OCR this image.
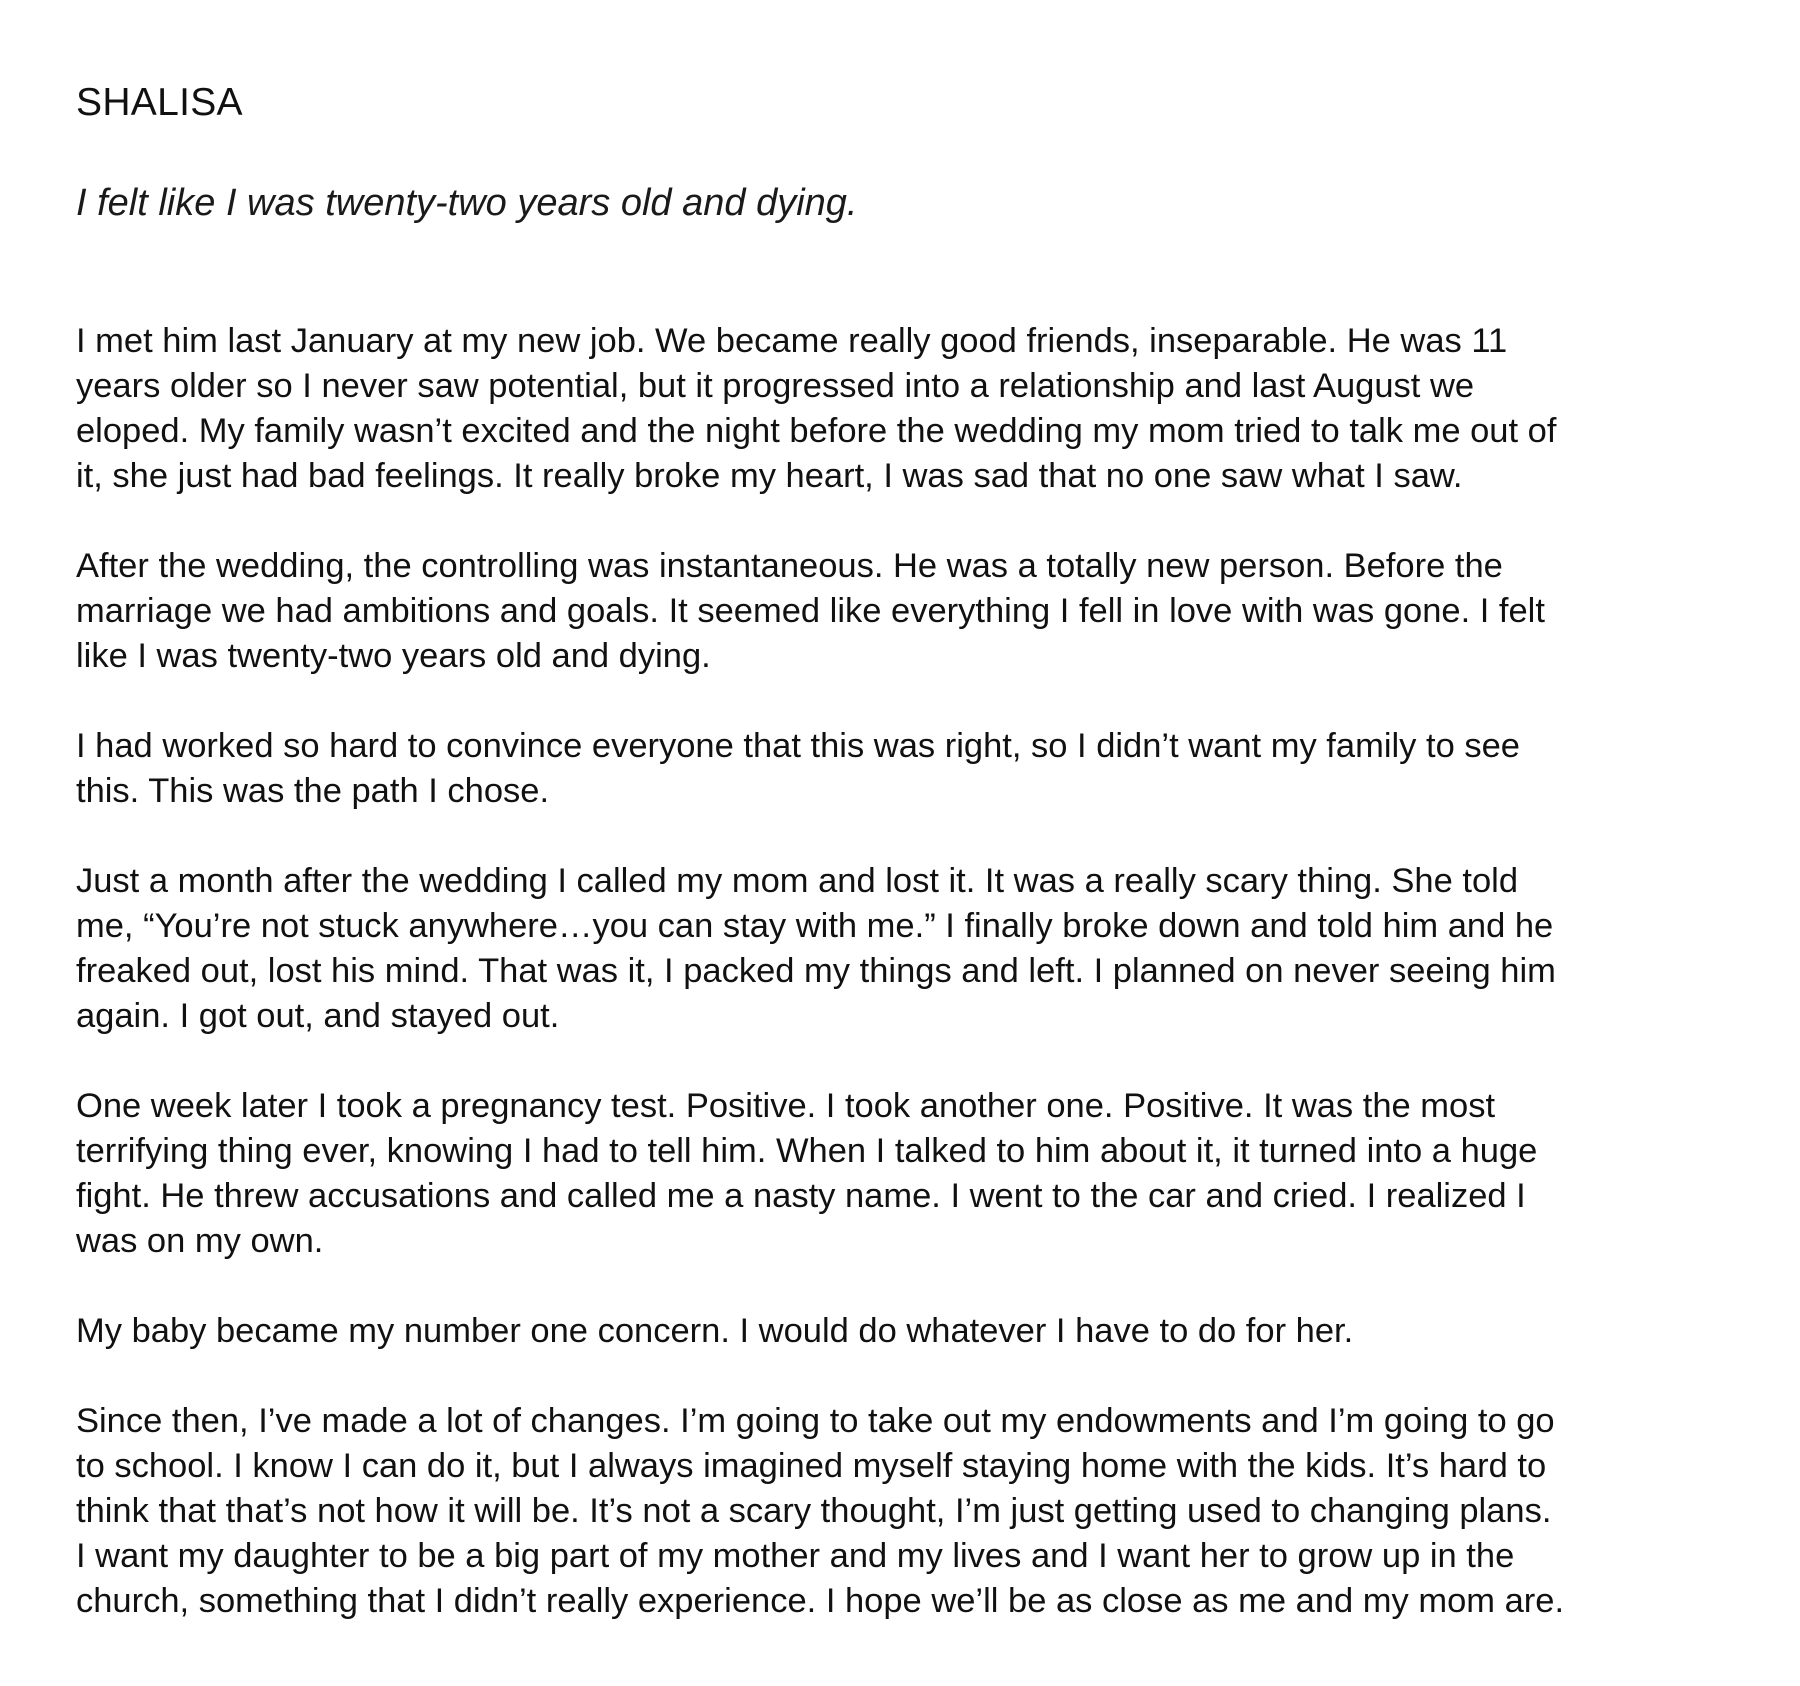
SHALISA

I felt like I was twenty-two years old and dying.

I met him last January at my new job. We became really good friends, inseparable. He was 11
years older so I never saw potential, but it progressed into a relationship and last August we
eloped. My family wasn’t excited and the night before the wedding my mom tried to talk me out of
it, she just had bad feelings. It really broke my heart, I was sad that no one saw what I saw.

After the wedding, the controlling was instantaneous. He was a totally new person. Before the
marriage we had ambitions and goals. It seemed like everything I fell in love with was gone. I felt
like I was twenty-two years old and dying.

I had worked so hard to convince everyone that this was right, so I didn’t want my family to see
this. This was the path I chose.

Just a month after the wedding I called my mom and lost it. It was a really scary thing. She told
me, “You’re not stuck anywhere…you can stay with me.” I finally broke down and told him and he
freaked out, lost his mind. That was it, I packed my things and left. I planned on never seeing him
again. I got out, and stayed out.

One week later I took a pregnancy test. Positive. I took another one. Positive. It was the most
terrifying thing ever, knowing I had to tell him. When I talked to him about it, it turned into a huge
fight. He threw accusations and called me a nasty name. I went to the car and cried. I realized I
was on my own.

My baby became my number one concern. I would do whatever I have to do for her.

Since then, I’ve made a lot of changes. I’m going to take out my endowments and I’m going to go
to school. I know I can do it, but I always imagined myself staying home with the kids. It’s hard to
think that that’s not how it will be. It’s not a scary thought, I’m just getting used to changing plans.
I want my daughter to be a big part of my mother and my lives and I want her to grow up in the
church, something that I didn’t really experience. I hope we’ll be as close as me and my mom are.
